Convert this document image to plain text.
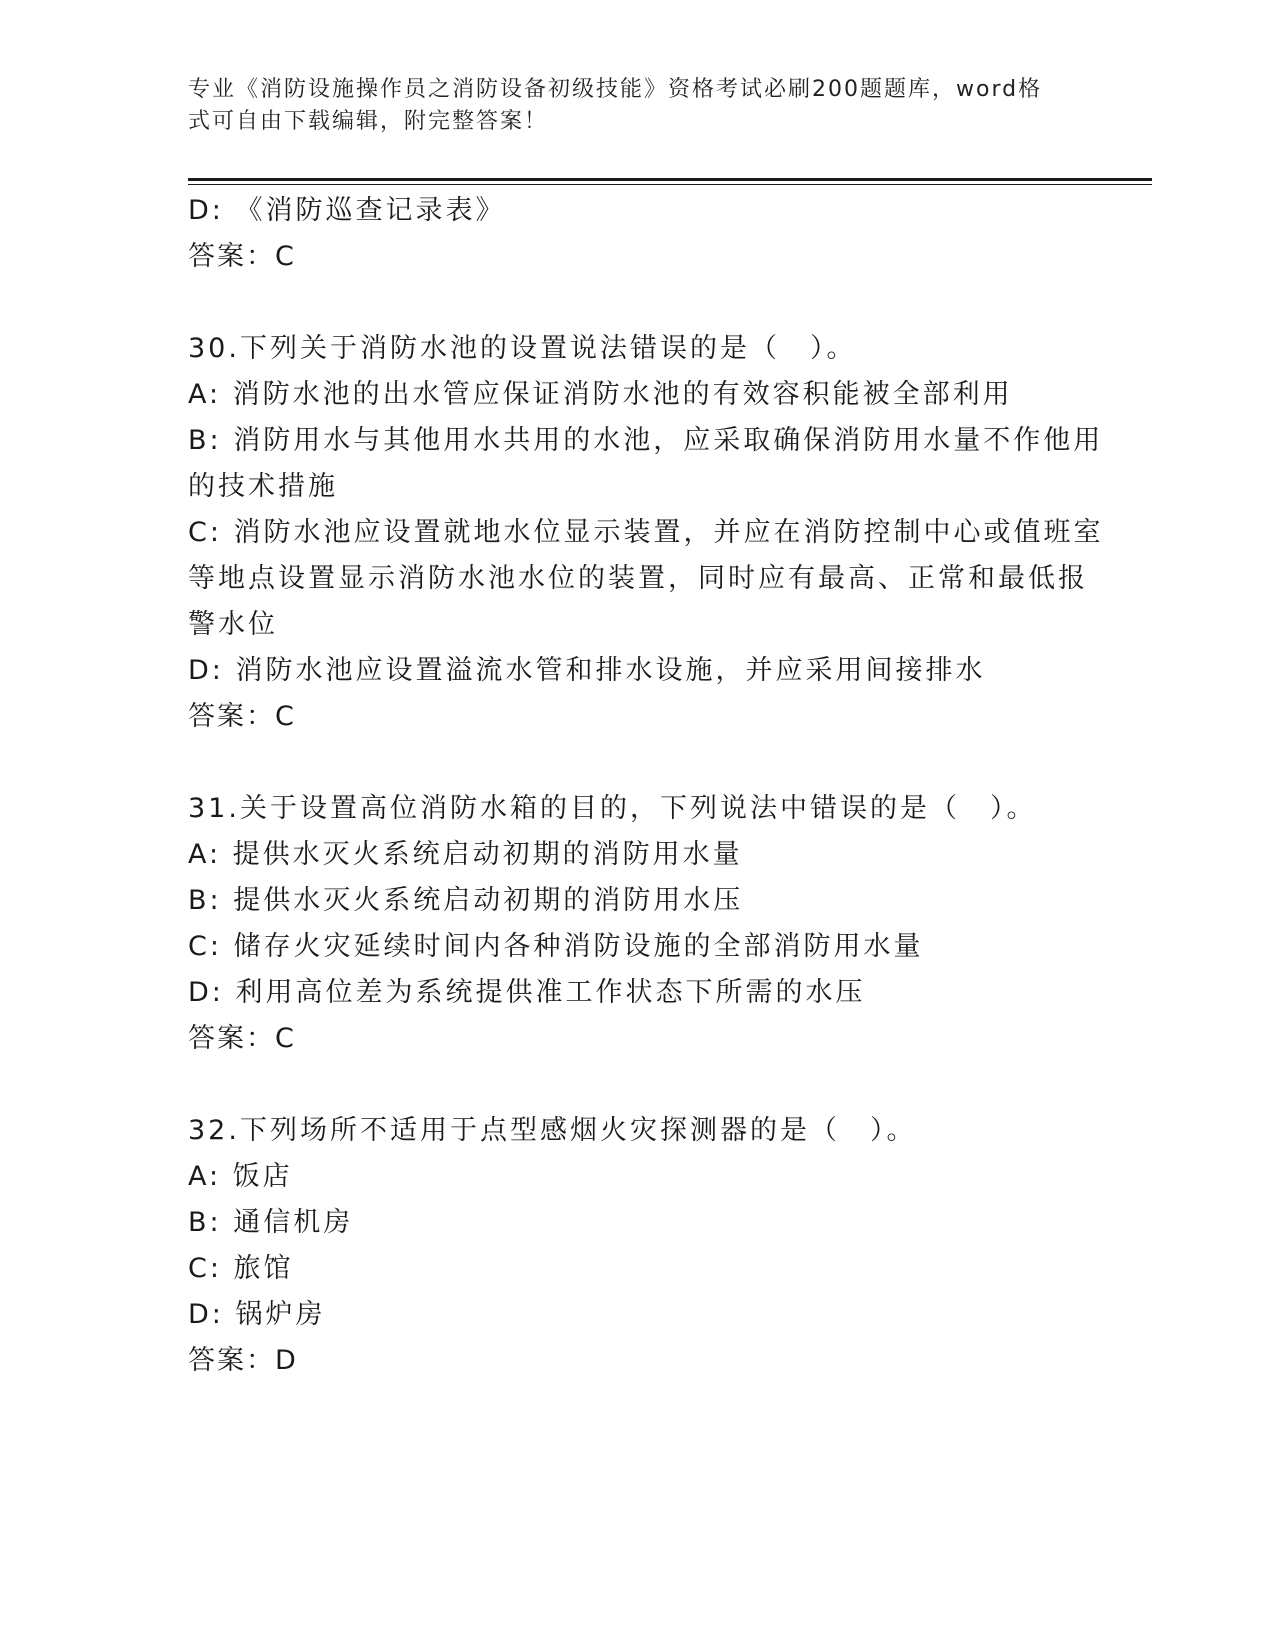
专业《消防设施操作员之消防设备初级技能》资格考试必刷200题题库，word格
式可自由下载编辑，附完整答案！
D: 《消防巡查记录表》
答案：C
30.下列关于消防水池的设置说法错误的是（　）。
A: 消防水池的出水管应保证消防水池的有效容积能被全部利用
B: 消防用水与其他用水共用的水池，应采取确保消防用水量不作他用
的技术措施
C: 消防水池应设置就地水位显示装置，并应在消防控制中心或值班室
等地点设置显示消防水池水位的装置，同时应有最高、正常和最低报
警水位
D: 消防水池应设置溢流水管和排水设施，并应采用间接排水
答案：C
31.关于设置高位消防水箱的目的，下列说法中错误的是（　）。
A: 提供水灭火系统启动初期的消防用水量
B: 提供水灭火系统启动初期的消防用水压
C: 储存火灾延续时间内各种消防设施的全部消防用水量
D: 利用高位差为系统提供准工作状态下所需的水压
答案：C
32.下列场所不适用于点型感烟火灾探测器的是（　）。
A: 饭店
B: 通信机房
C: 旅馆
D: 锅炉房
答案：D
